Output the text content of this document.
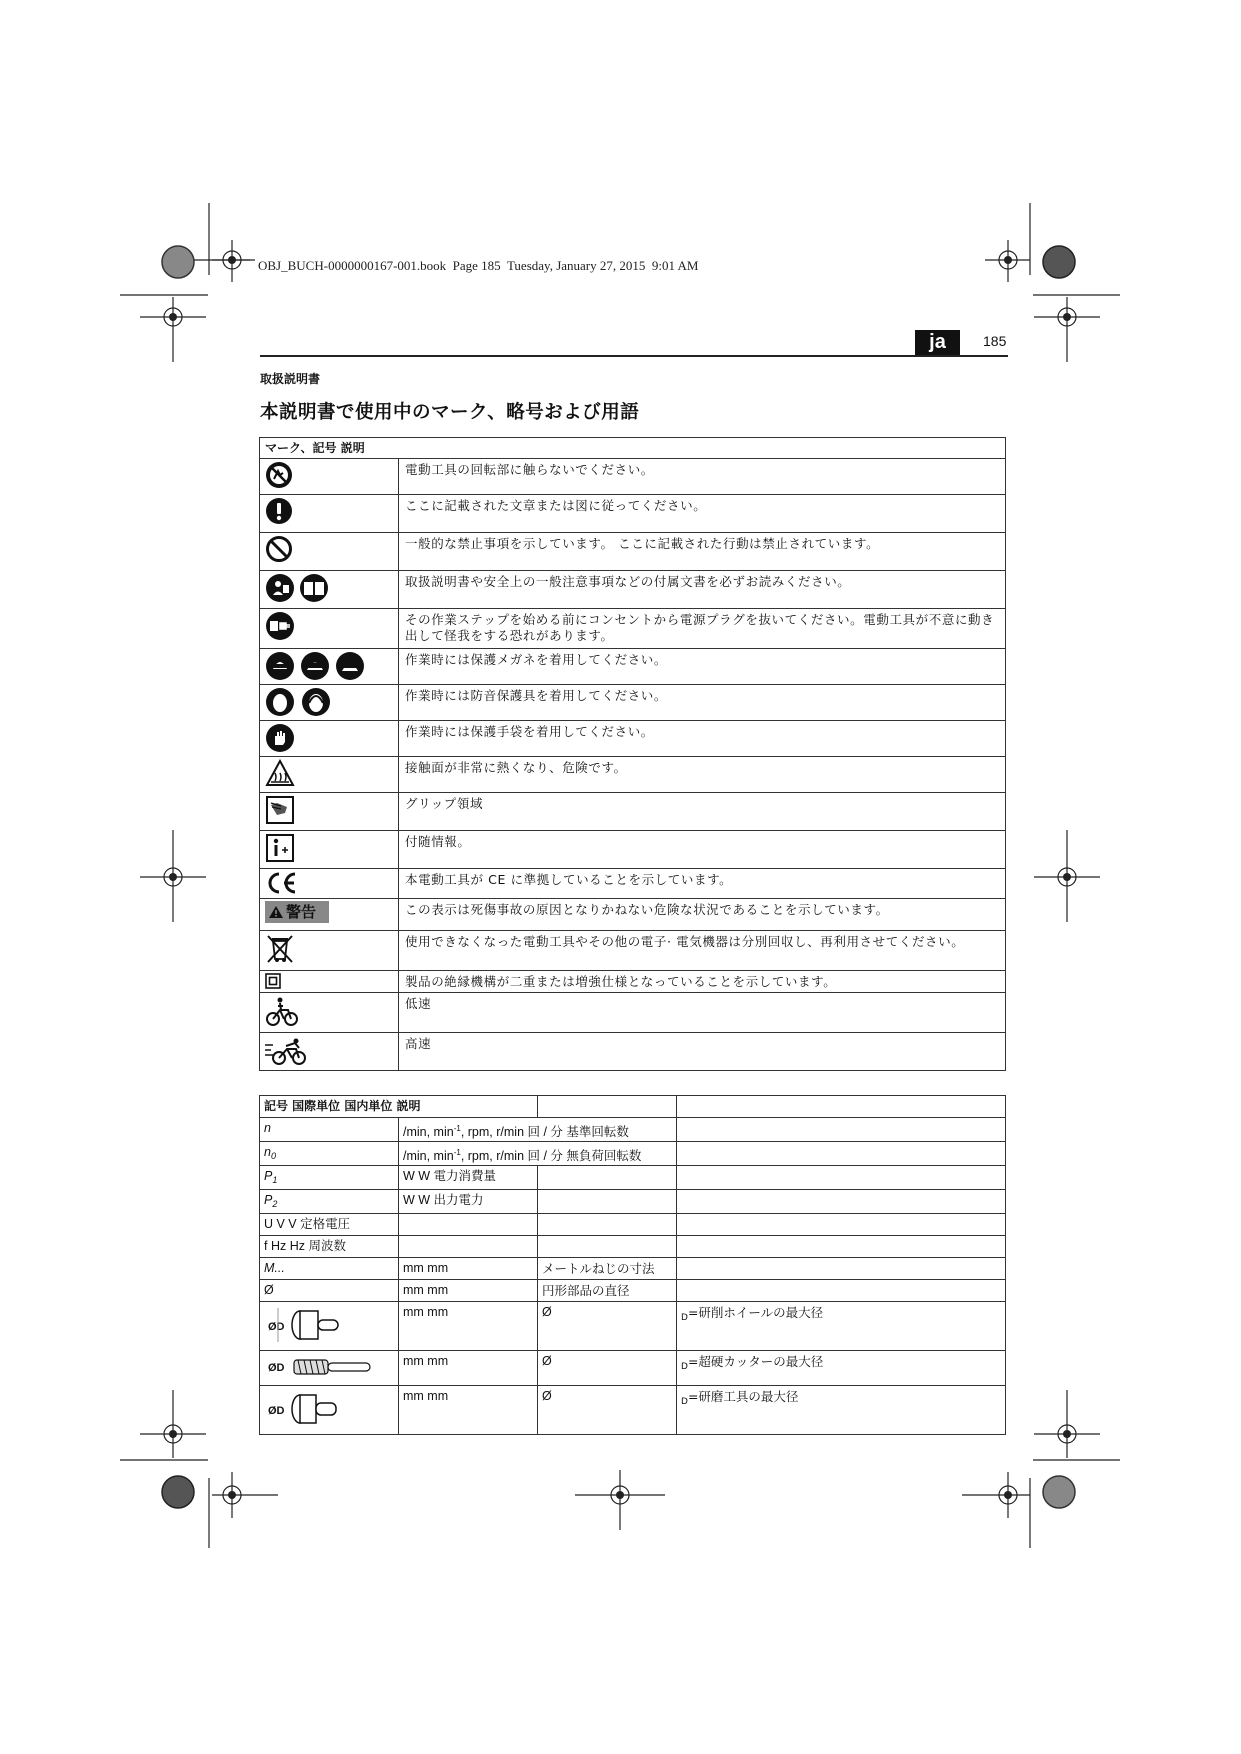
OBJ_BUCH-0000000167-001.book Page 185 Tuesday, January 27, 2015 9:01 AM
ja	185
取扱説明書
本説明書で使用中のマーク、略号および用語
マーク、記号 説明	

	電動工具の回転部に触らないでください。

	ここに記載された文章または図に従ってください。

	一般的な禁止事項を示しています。 ここに記載された行動は禁止されています。

	取扱説明書や安全上の一般注意事項などの付属文書を必ずお読みください。

	その作業ステップを始める前にコンセントから電源プラグを抜いてください。電動工具が不意に動き出して怪我をする恐れがあります。

	作業時には保護メガネを着用してください。

	作業時には防音保護具を着用してください。

	作業時には保護手袋を着用してください。

	接触面が非常に熱くなり、危険です。

	グリップ領域

	付随情報。

	本電動工具が CE に準拠していることを示しています。

警告	この表示は死傷事故の原因となりかねない危険な状況であることを示しています。

	使用できなくなった電動工具やその他の電子· 電気機器は分別回収し、再利用させてください。

	製品の絶縁機構が二重または増強仕様となっていることを示しています。

	低速

	高速
記号 国際単位 国内単位 説明			
n	/min, $\min^{-1}$, rpm, r/min 回 / 分 基準回転数		
$n_0$	/min, $\min^{-1}$, rpm, r/min 回 / 分 無負荷回転数		
$P_1$	W W 電力消費量		
$P_2$	W W 出力電力		
U V V 定格電圧			
f Hz Hz 周波数			
M...	mm mm	メートルねじの寸法	
Ø	mm mm	円形部品の直径	

ØD	mm mm	Ø	$_D$=研削ホイールの最大径

ØD	mm mm	Ø	$_D$=超硬カッターの最大径

ØD	mm mm	Ø	$_D$=研磨工具の最大径
